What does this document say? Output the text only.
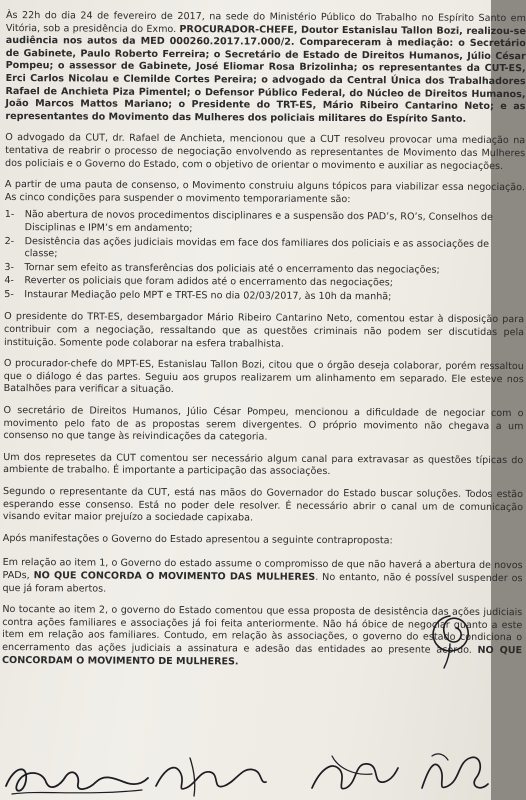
Às 22h do dia 24 de fevereiro de 2017, na sede do Ministério Público do Trabalho no Espírito Santo em Vitória, sob a presidência do Exmo. PROCURADOR-CHEFE, Doutor Estanislau Tallon Bozi, realizou-se audiência nos autos da MED 000260.2017.17.000/2. Compareceram à mediação: o Secretário de Gabinete, Paulo Roberto Ferreira; o Secretário de Estado de Direitos Humanos, Júlio César Pompeu; o assessor de Gabinete, José Eliomar Rosa Brizolinha; os representantes da CUT-ES, Erci Carlos Nicolau e Clemilde Cortes Pereira; o advogado da Central Única dos Trabalhadores Rafael de Anchieta Piza Pimentel; o Defensor Público Federal, do Núcleo de Direitos Humanos, João Marcos Mattos Mariano; o Presidente do TRT-ES, Mário Ribeiro Cantarino Neto; e as representantes do Movimento das Mulheres dos policiais militares do Espírito Santo.

O advogado da CUT, dr. Rafael de Anchieta, mencionou que a CUT resolveu provocar uma mediação na tentativa de reabrir o processo de negociação envolvendo as representantes de Movimento das Mulheres dos policiais e o Governo do Estado, com o objetivo de orientar o movimento e auxiliar as negociações.

A partir de uma pauta de consenso, o Movimento construiu alguns tópicos para viabilizar essa negociação. As cinco condições para suspender o movimento temporariamente são:

1-	Não abertura de novos procedimentos disciplinares e a suspensão dos PAD’s, RO’s, Conselhos de Disciplinas e IPM’s em andamento;
2-	Desistência das ações judiciais movidas em face dos familiares dos policiais e as associações de classe;
3-	Tornar sem efeito as transferências dos policiais até o encerramento das negociações;
4-	Reverter os policiais que foram adidos até o encerramento das negociações;
5-	Instaurar Mediação pelo MPT e TRT-ES no dia 02/03/2017, às 10h da manhã;

O presidente do TRT-ES, desembargador Mário Ribeiro Cantarino Neto, comentou estar à disposição para contribuir com a negociação, ressaltando que as questões criminais não podem ser discutidas pela instituição. Somente pode colaborar na esfera trabalhista.

O procurador-chefe do MPT-ES, Estanislau Tallon Bozi, citou que o órgão deseja colaborar, porém ressaltou que o diálogo é das partes. Seguiu aos grupos realizarem um alinhamento em separado. Ele esteve nos Batalhões para verificar a situação.

O secretário de Direitos Humanos, Júlio César Pompeu, mencionou a dificuldade de negociar com o movimento pelo fato de as propostas serem divergentes. O próprio movimento não chegava a um consenso no que tange às reivindicações da categoria.

Um dos represetes da CUT comentou ser necessário algum canal para extravasar as questões típicas do ambiente de trabalho. É importante a participação das associações.

Segundo o representante da CUT, está nas mãos do Governador do Estado buscar soluções. Todos estão esperando esse consenso. Está no poder dele resolver. É necessário abrir o canal um de comunicação visando evitar maior prejuízo a sociedade capixaba.

Após manifestações o Governo do Estado apresentou a seguinte contraproposta:

Em relação ao item 1, o Governo do estado assume o compromisso de que não haverá a abertura de novos PADs, NO QUE CONCORDA O MOVIMENTO DAS MULHERES. No entanto, não é possível suspender os que já foram abertos.

No tocante ao item 2, o governo do Estado comentou que essa proposta de desistência das ações judiciais contra ações familiares e associações já foi feita anteriormente. Não há óbice de negociar quanto a este item em relação aos familiares. Contudo, em relação às associações, o governo do estado condiciona o encerramento das ações judiciais a assinatura e adesão das entidades ao presente acordo. NO QUE CONCORDAM O MOVIMENTO DE MULHERES.
